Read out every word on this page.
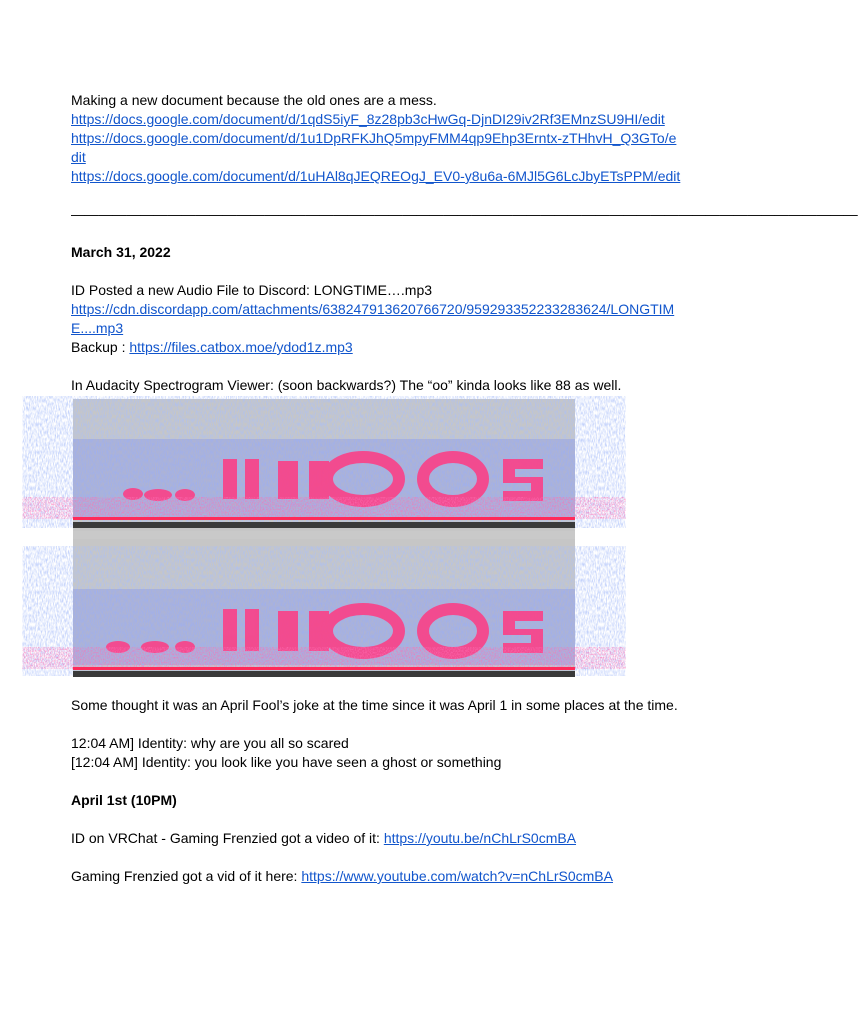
Making a new document because the old ones are a mess.
https://docs.google.com/document/d/1qdS5iyF_8z28pb3cHwGq-DjnDI29iv2Rf3EMnzSU9HI/edit
https://docs.google.com/document/d/1u1DpRFKJhQ5mpyFMM4qp9Ehp3Erntx-zTHhvH_Q3GTo/edit
https://docs.google.com/document/d/1uHAl8qJEQREOgJ_EV0-y8u6a-6MJl5G6LcJbyETsPPM/edit
—————————————————————————————————————————————————————————
March 31, 2022
ID Posted a new Audio File to Discord: LONGTIME….mp3
https://cdn.discordapp.com/attachments/638247913620766720/959293352233283624/LONGTIME....mp3
Backup : https://files.catbox.moe/ydod1z.mp3
In Audacity Spectrogram Viewer: (soon backwards?) The “oo” kinda looks like 88 as well.
Some thought it was an April Fool’s joke at the time since it was April 1 in some places at the time.
12:04 AM] Identity: why are you all so scared
[12:04 AM] Identity: you look like you have seen a ghost or something
April 1st (10PM)
ID on VRChat - Gaming Frenzied got a video of it: https://youtu.be/nChLrS0cmBA
Gaming Frenzied got a vid of it here: https://www.youtube.com/watch?v=nChLrS0cmBA
